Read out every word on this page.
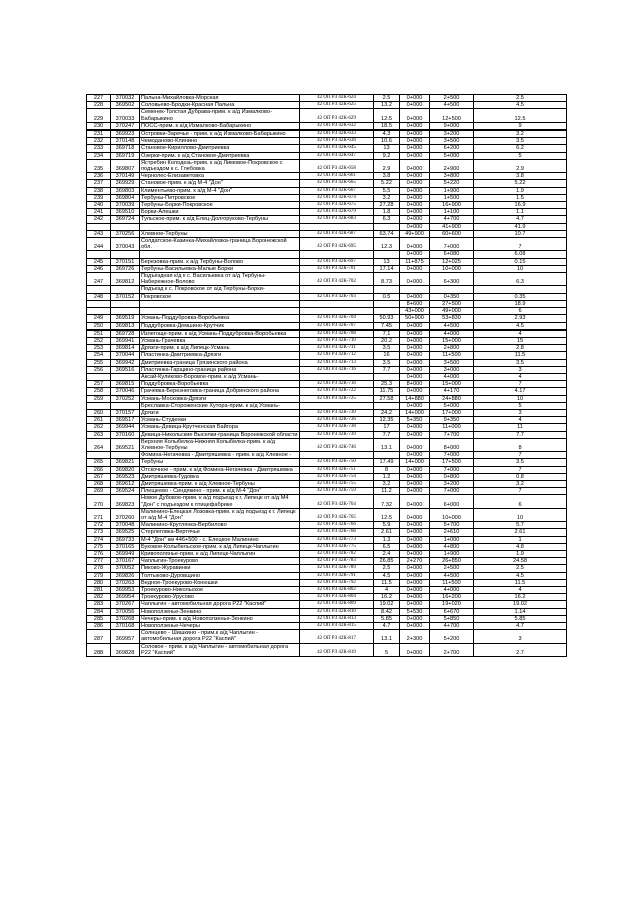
227	370032	Пальна-Михайловка-Морская	42 ОП РЗ 42К-624	2.5	0+000	2+500	2.5
228	369502	Соловьево-Бродки-Красная Пальна	42 ОП РЗ 42К-625	13.2	0+000	4+500	4.5
229	370033	Семенек-Толстая Дубрава-прим. к а/д Измалково-Бабарыкино	42 ОП РЗ 42К-629	12.5	0+000	12+500	12.5
230	370247	ПОСС-прим. к а/д Измалково-Бабарыкино	42 ОП РЗ 42К-632	18.5	0+000	9+000	9

231	369923	Островки-Заречье - прим. к а/д Измалково-Бабарыкино	42 ОП РЗ 42К-633	4.3	0+000	3+200	3.2
232	370148	Чемоданово-Клинино	42 ОП РЗ 42К-638	10.6	0+000	3+500	3.5
233	369718	Становое-Кириллово-Дмитриевка	42 ОП РЗ 42К-645	13	0+000	6+200	6.2
234	369719	Озерки-прим. к а/д Становое-Дмитриевка	42 ОП РЗ 42К-647	9.2	0+000	5+000	5
235	369807	Ястребин Колодезь-прим. к а/д Лимовое-Покровское с подъездом к с. Глебовка	42 ОП РЗ 42К-658	2.9	0+000	2+900	2.9
236	370149	Чернолес-Елизаветовка	42 ОП РЗ 42К-661	3.8	0+000	3+800	3.8
237	369929	Становое-прим. к а/д М-4 "Дон"	42 ОП РЗ 42К-665	5.22	0+000	5+220	5.22
238	369803	Климентьево-прим. к а/д М-4 "Дон"	42 ОП РЗ 42К-667	5.5	0+000	1+900	1.9
239	369804	Тербуны-Петровское	42 ОП РЗ 42К-674	3.2	0+000	1+500	1.5
240	370039	Тербуны-Борки-Покровское	42 ОП РЗ 42К-675	27.28	0+000	16+900	16.9
241	369510	Борки-Алешки	42 ОП РЗ 42К-679	1.8	0+000	1+100	1.1
242	369724	Тульское-прим. к а/д Елец-Долгоруково-Тербуны	42 ОП РЗ 42К-683	6.3	0+000	4+700	4.7
					0+000	41+900	41.9
243	370256	Хлевное-Тербуны	42 ОП РЗ 42К-687	63.74	49+900	60+600	10.7
244	370043	Солдатское-Казинка-Михайловка-граница Воронежской обл.	42 ОП РЗ 42К-695	12.3	0+000	7+000	7
					0+000	6+080	6.08
245	370151	Березовка-прим. к а/д Тербуны-Волово	42 ОП РЗ 42К-697	13	11+875	12+025	0.15
246	369726	Тербуны-Васильевка-Малые Борки	42 ОП РЗ 42К-701	17.14	0+000	10+000	10
247	369812	Подъездная к/д к с. Васильевка от а/д Тербуны-Набережное-Волово	42 ОП РЗ 42К-702	8.73	0+000	6+300	6.3
		Подъезд к с. Покровское от а/д Тербуны-Борки-					
248	370152	Покровское	42 ОП РЗ 42К-703	0.5	0+000	0+350	0.35
					8+600	27+500	18.9
					43+000	49+000	6
249	369519	Усмань-Поддубровка-Воробьевка	42 ОП РЗ 42К-704	50.93	50+900	53+830	2.93
250	369813	Поддубровка-Демшино-Крутчик	42 ОП РЗ 42К-707	7.45	0+000	4+500	4.5

251	369728	Излегоще-прим. к а/д Усмань-Поддубровка-Воробьевка	42 ОП РЗ 42К-708	7.1	0+000	4+000	4
252	369941	Усмань-Грачевка	42 ОП РЗ 42К-710	20.2	0+000	15+000	15
253	369814	Дрязги-прим. к а/д Липецк-Усмань	42 ОП РЗ 42К-711	3.5	0+000	2+800	2.8
254	370044	Пластинка-Дмитриевка-Дрязги	42 ОП РЗ 42К-712	16	0+000	11+500	11.5
255	369942	Дмитриевка-граница Грязинского района	42 ОП РЗ 42К-713	3.5	0+000	3+500	3.5
256	369516	Пластинка-Гарщино-граница района	42 ОП РЗ 42К-716	7.7	0+000	3+000	3
		Аксай-Куликово-Боровое-прим. к а/д Усмань-			0+000	4+000	4
257	369815	Поддубровка-Воробьевка	42 ОП РЗ 42К-718	25.3	8+000	15+000	7
258	370046	Грачевка-Березнеговка-граница Добринского района	42 ОП РЗ 42К-722	11.75	0+000	4+170	4.17
259	370252	Усмань-Московка-Дрязги	42 ОП РЗ 42К-725	27.58	14+880	24+880	10
		Бреславка-Стороженские Хутора-прим. к а/д Усмань-			0+000	5+000	5
260	370157	Дрязги	42 ОП РЗ 42К-730	24.2	14+000	17+000	3
261	369517	Усмань-Студенки	42 ОП РЗ 42К-736	12.35	5+350	9+350	4
262	369944	Усмань-Девица-Крутченская Байгора	42 ОП РЗ 42К-738	17	0+000	11+000	11
263	370160	Девица-Никольские Выселки-граница Воронежской области	42 ОП РЗ 42К-739	7.7	0+000	7+700	7.7
264	369521	Верхняя Колыбелка-Нижняя Колыбелка-прим. к а/д Хлевное-Тербуны	42 ОП РЗ 42К-746	13.1	0+000	8+000	8
		Фомина-Негачевка - Дмитряшевка - прим. к а/д Хлевное -			0+000	7+000	7
265	369821	Тербуны	42 ОП РЗ 42К-750	17.49	14+000	17+500	3.5
266	369820	Отскочное - прим. к а/д Фомина-Негачевка - Дмитряшевка	42 ОП РЗ 42К-751	8	0+000	7+000	7
267	369523	Дмитряшевка-Гудовка	42 ОП РЗ 42К-754	1.2	0+000	0+800	0.8
268	369612	Дмитряшевка-прим. к а/д Хлевное-Тербуны	42 ОП РЗ 42К-755	3.2	0+000	3+200	3.2
269	369524	Плещеево - Синдякино - прим. к а/д М-4 "Дон"	42 ОП РЗ 42К-759	11.2	0+000	7+000	7
270	369823	Новое Дубовое-прим. к а/д подъезд к г. Липецк от а/д М4 "Дон" с подъездом к птицефабрике	42 ОП РЗ 42К-764	7.32	0+000	6+000	6
271	370260	Малинино-Елецкая Лозовка-прим. к а/д подъезд к г. Липецк от а/д М-4 "Дон"	42 ОП РЗ 42К-765	12.5	0+000	10+000	10
272	370048	Малинино-Крутлянка-Вербилово	42 ОП РЗ 42К-766	5.9	0+000	5+700	5.7
273	369525	Стерлеговка-Вертячье	42 ОП РЗ 42К-768	2.61	0+000	2+610	2.61
274	369733	М-4 "Дон" км 446+500 - с. Елецкое Малинино	42 ОП РЗ 42К-773	1.3	0+000	1+000	1
275	370165	Буковое-Колыбельское-прим. к а/д Липецк-Чаплыгин	42 ОП РЗ 42К-775	6.5	0+000	4+800	4.8
276	369949	Кривополянье-прим. к а/д Липецк-Чаплыгин	42 ОП РЗ 42К-782	2.4	0+000	1+900	1.9
277	370167	Чаплыгин-Троекурово	42 ОП РЗ 42К-783	26.85	2+270	26+850	24.58
278	370052	Пиково-Журавинки	42 ОП РЗ 42К-789	2.5	0+000	2+500	2.5
279	369826	Толтыково-Дуровщино	42 ОП РЗ 42К-791	4.5	0+000	4+500	4.5
280	370263	Ведное-Троекурово-Конюшки	42 ОП РЗ 42К-792	11.5	0+000	11+500	11.5
281	369953	Троекурово-Никольское	42 ОП РЗ 42К-802	4	0+000	4+000	4
282	369954	Троекурово-Урусово	42 ОП РЗ 42К-804	16.2	0+000	16+200	16.2
283	370267	Чаплыгин - автомобильная дорога Р22 "Каспий"	42 ОП РЗ 42К-809	19.02	0+000	19+020	19.02
284	370056	Новоползенье-Зенкино	42 ОП РЗ 42К-810	8.42	5+530	6+670	1.14
285	370268	Чечеры-прим. к а/д Новоползенье-Зенкино	42 ОП РЗ 42К-813	5.85	0+000	5+850	5.85
286	370168	Новоползенье-Чечеры	42 ОП РЗ 42К-815	4.7	0+000	4+700	4.7
287	369957	Солнцево - Шишкино - прим.к а/д Чаплыгин - автомобильная дорога Р22 "Каспий"	42 ОП РЗ 42К-817	13.1	2+300	5+200	3
288	369828	Соловое - прим. к а/д Чаплыгин - автомобильная дорога Р22 "Каспий"	42 ОП РЗ 42К-819	5	0+000	2+700	2.7
